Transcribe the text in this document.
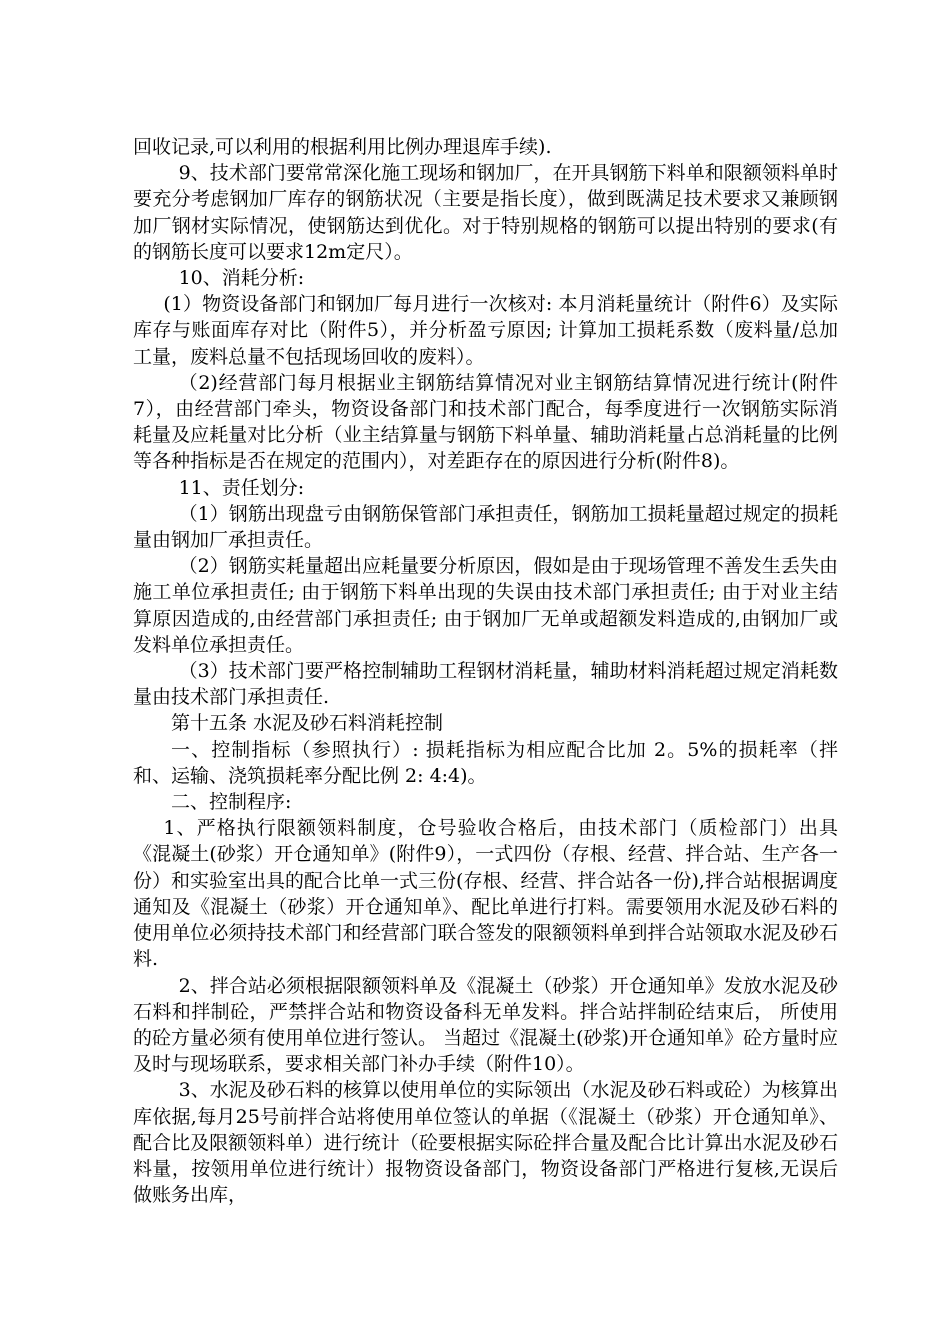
回收记录,可以利用的根据利用比例办理退库手续).

9、技术部门要常常深化施工现场和钢加厂，在开具钢筋下料单和限额领料单时要充分考虑钢加厂库存的钢筋状况（主要是指长度），做到既满足技术要求又兼顾钢加厂钢材实际情况，使钢筋达到优化。对于特别规格的钢筋可以提出特别的要求(有的钢筋长度可以要求12m定尺）。

10、消耗分析:

(1）物资设备部门和钢加厂每月进行一次核对: 本月消耗量统计（附件6）及实际库存与账面库存对比（附件5），并分析盈亏原因; 计算加工损耗系数（废料量/总加工量，废料总量不包括现场回收的废料）。

（2)经营部门每月根据业主钢筋结算情况对业主钢筋结算情况进行统计(附件7），由经营部门牵头，物资设备部门和技术部门配合，每季度进行一次钢筋实际消耗量及应耗量对比分析（业主结算量与钢筋下料单量、辅助消耗量占总消耗量的比例等各种指标是否在规定的范围内），对差距存在的原因进行分析(附件8)。

11、责任划分:

（1）钢筋出现盘亏由钢筋保管部门承担责任，钢筋加工损耗量超过规定的损耗量由钢加厂承担责任。

（2）钢筋实耗量超出应耗量要分析原因，假如是由于现场管理不善发生丢失由施工单位承担责任; 由于钢筋下料单出现的失误由技术部门承担责任; 由于对业主结算原因造成的,由经营部门承担责任; 由于钢加厂无单或超额发料造成的,由钢加厂或发料单位承担责任。

（3）技术部门要严格控制辅助工程钢材消耗量，辅助材料消耗超过规定消耗数量由技术部门承担责任.

第十五条 水泥及砂石料消耗控制

一、控制指标（参照执行）: 损耗指标为相应配合比加 2。5%的损耗率（拌和、运输、浇筑损耗率分配比例 2: 4:4)。

二、控制程序:

1、严格执行限额领料制度，仓号验收合格后，由技术部门（质检部门）出具《混凝土(砂浆）开仓通知单》(附件9），一式四份（存根、经营、拌合站、生产各一份）和实验室出具的配合比单一式三份(存根、经营、拌合站各一份),拌合站根据调度通知及《混凝土（砂浆）开仓通知单》、配比单进行打料。需要领用水泥及砂石料的使用单位必须持技术部门和经营部门联合签发的限额领料单到拌合站领取水泥及砂石料.

2、拌合站必须根据限额领料单及《混凝土（砂浆）开仓通知单》发放水泥及砂石料和拌制砼，严禁拌合站和物资设备科无单发料。拌合站拌制砼结束后， 所使用的砼方量必须有使用单位进行签认。 当超过《混凝土(砂浆)开仓通知单》砼方量时应及时与现场联系，要求相关部门补办手续（附件10）。

3、水泥及砂石料的核算以使用单位的实际领出（水泥及砂石料或砼）为核算出库依据,每月25号前拌合站将使用单位签认的单据（《混凝土（砂浆）开仓通知单》、配合比及限额领料单）进行统计（砼要根据实际砼拌合量及配合比计算出水泥及砂石料量，按领用单位进行统计）报物资设备部门，物资设备部门严格进行复核,无误后做账务出库，
